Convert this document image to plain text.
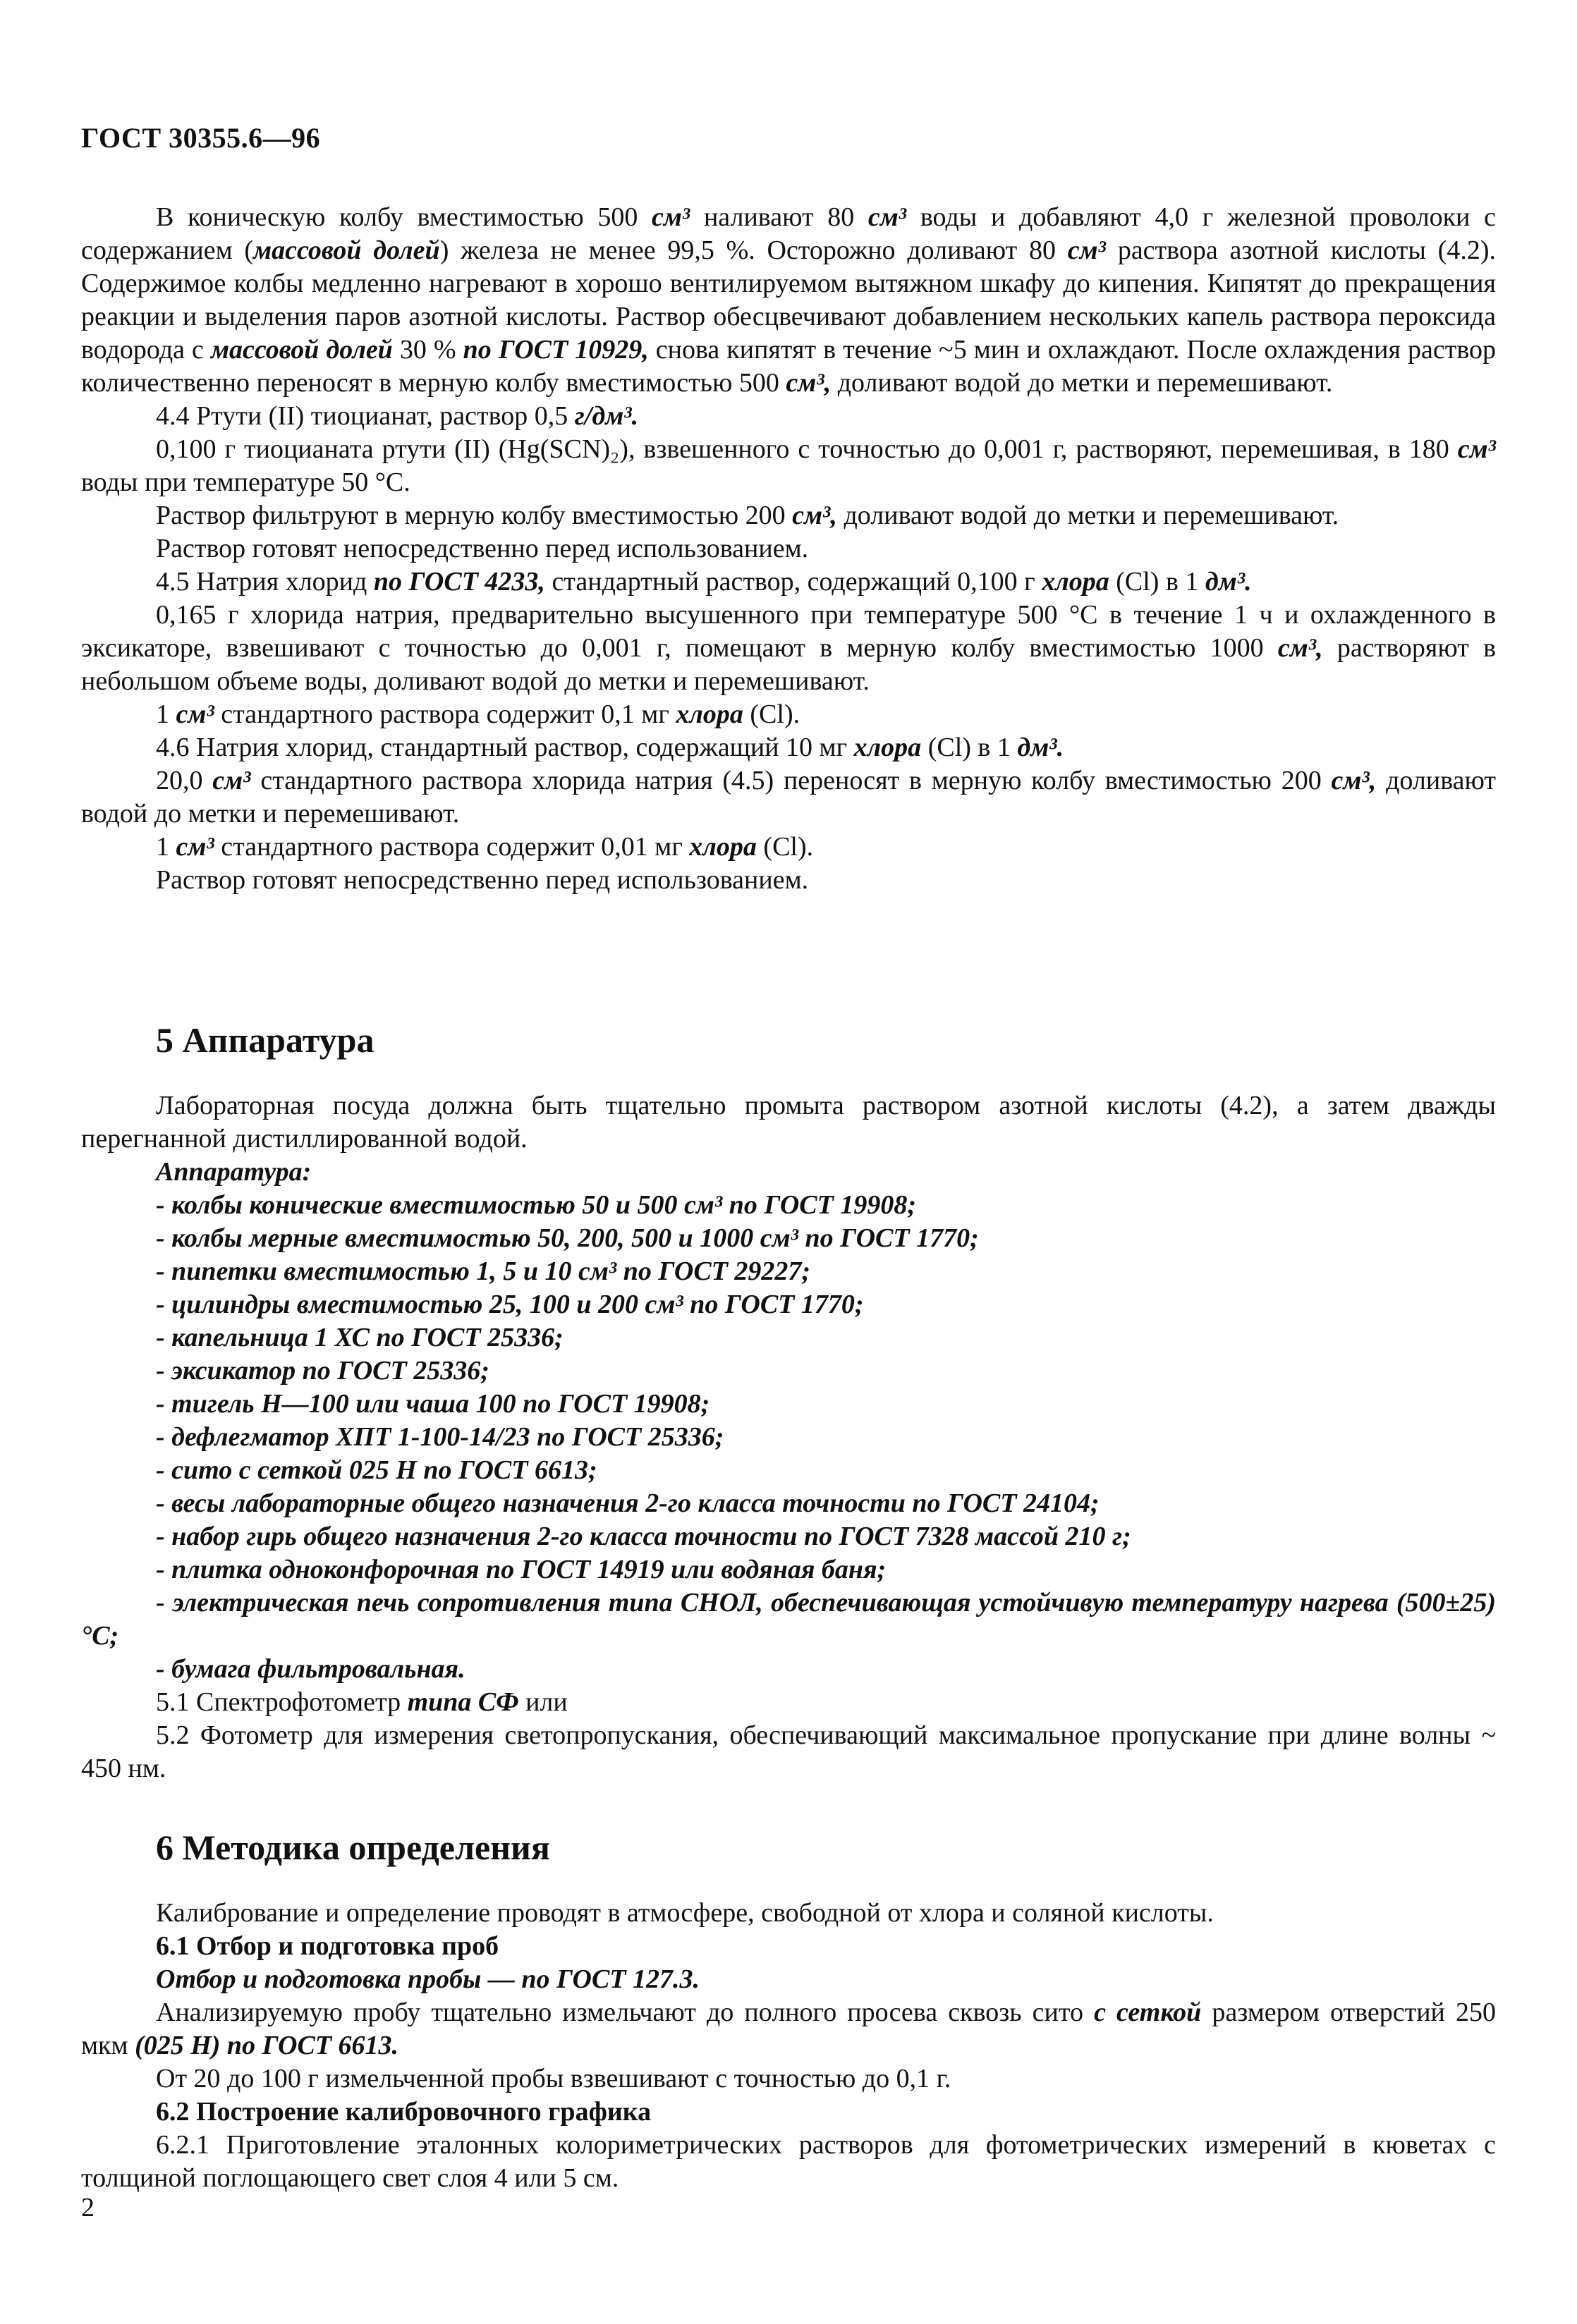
ГОСТ 30355.6—96

В коническую колбу вместимостью 500 см³ наливают 80 см³ воды и добавляют 4,0 г железной проволоки с содержанием (массовой долей) железа не менее 99,5 %. Осторожно доливают 80 см³ раствора азотной кислоты (4.2). Содержимое колбы медленно нагревают в хорошо вентилируемом вытяжном шкафу до кипения. Кипятят до прекращения реакции и выделения паров азотной кислоты. Раствор обесцвечивают добавлением нескольких капель раствора пероксида водорода с массовой долей 30 % по ГОСТ 10929, снова кипятят в течение ~5 мин и охлаждают. После охлаждения раствор количественно переносят в мерную колбу вместимостью 500 см³, доливают водой до метки и перемешивают.

4.4 Ртути (II) тиоцианат, раствор 0,5 г/дм³.

0,100 г тиоцианата ртути (II) (Hg(SCN)₂), взвешенного с точностью до 0,001 г, растворяют, перемешивая, в 180 см³ воды при температуре 50 °С.

Раствор фильтруют в мерную колбу вместимостью 200 см³, доливают водой до метки и перемешивают.

Раствор готовят непосредственно перед использованием.

4.5 Натрия хлорид по ГОСТ 4233, стандартный раствор, содержащий 0,100 г хлора (Cl) в 1 дм³.

0,165 г хлорида натрия, предварительно высушенного при температуре 500 °С в течение 1 ч и охлажденного в эксикаторе, взвешивают с точностью до 0,001 г, помещают в мерную колбу вместимостью 1000 см³, растворяют в небольшом объеме воды, доливают водой до метки и перемешивают.

1 см³ стандартного раствора содержит 0,1 мг хлора (Cl).

4.6 Натрия хлорид, стандартный раствор, содержащий 10 мг хлора (Cl) в 1 дм³.

20,0 см³ стандартного раствора хлорида натрия (4.5) переносят в мерную колбу вместимостью 200 см³, доливают водой до метки и перемешивают.

1 см³ стандартного раствора содержит 0,01 мг хлора (Cl).

Раствор готовят непосредственно перед использованием.

5 Аппаратура

Лабораторная посуда должна быть тщательно промыта раствором азотной кислоты (4.2), а затем дважды перегнанной дистиллированной водой.

Аппаратура:

- колбы конические вместимостью 50 и 500 см³ по ГОСТ 19908;

- колбы мерные вместимостью 50, 200, 500 и 1000 см³ по ГОСТ 1770;

- пипетки вместимостью 1, 5 и 10 см³ по ГОСТ 29227;

- цилиндры вместимостью 25, 100 и 200 см³ по ГОСТ 1770;

- капельница 1 ХС по ГОСТ 25336;

- эксикатор по ГОСТ 25336;

- тигель Н—100 или чаша 100 по ГОСТ 19908;

- дефлегматор ХПТ 1-100-14/23 по ГОСТ 25336;

- сито с сеткой 025 Н по ГОСТ 6613;

- весы лабораторные общего назначения 2-го класса точности по ГОСТ 24104;

- набор гирь общего назначения 2-го класса точности по ГОСТ 7328 массой 210 г;

- плитка одноконфорочная по ГОСТ 14919 или водяная баня;

- электрическая печь сопротивления типа СНОЛ, обеспечивающая устойчивую температуру нагрева (500±25) °С;

- бумага фильтровальная.

5.1 Спектрофотометр типа СФ или

5.2 Фотометр для измерения светопропускания, обеспечивающий максимальное пропускание при длине волны ~ 450 нм.

6 Методика определения

Калибрование и определение проводят в атмосфере, свободной от хлора и соляной кислоты.

6.1 Отбор и подготовка проб

Отбор и подготовка пробы — по ГОСТ 127.3.

Анализируемую пробу тщательно измельчают до полного просева сквозь сито с сеткой размером отверстий 250 мкм (025 Н) по ГОСТ 6613.

От 20 до 100 г измельченной пробы взвешивают с точностью до 0,1 г.

6.2 Построение калибровочного графика

6.2.1 Приготовление эталонных колориметрических растворов для фотометрических измерений в кюветах с толщиной поглощающего свет слоя 4 или 5 см.

2
